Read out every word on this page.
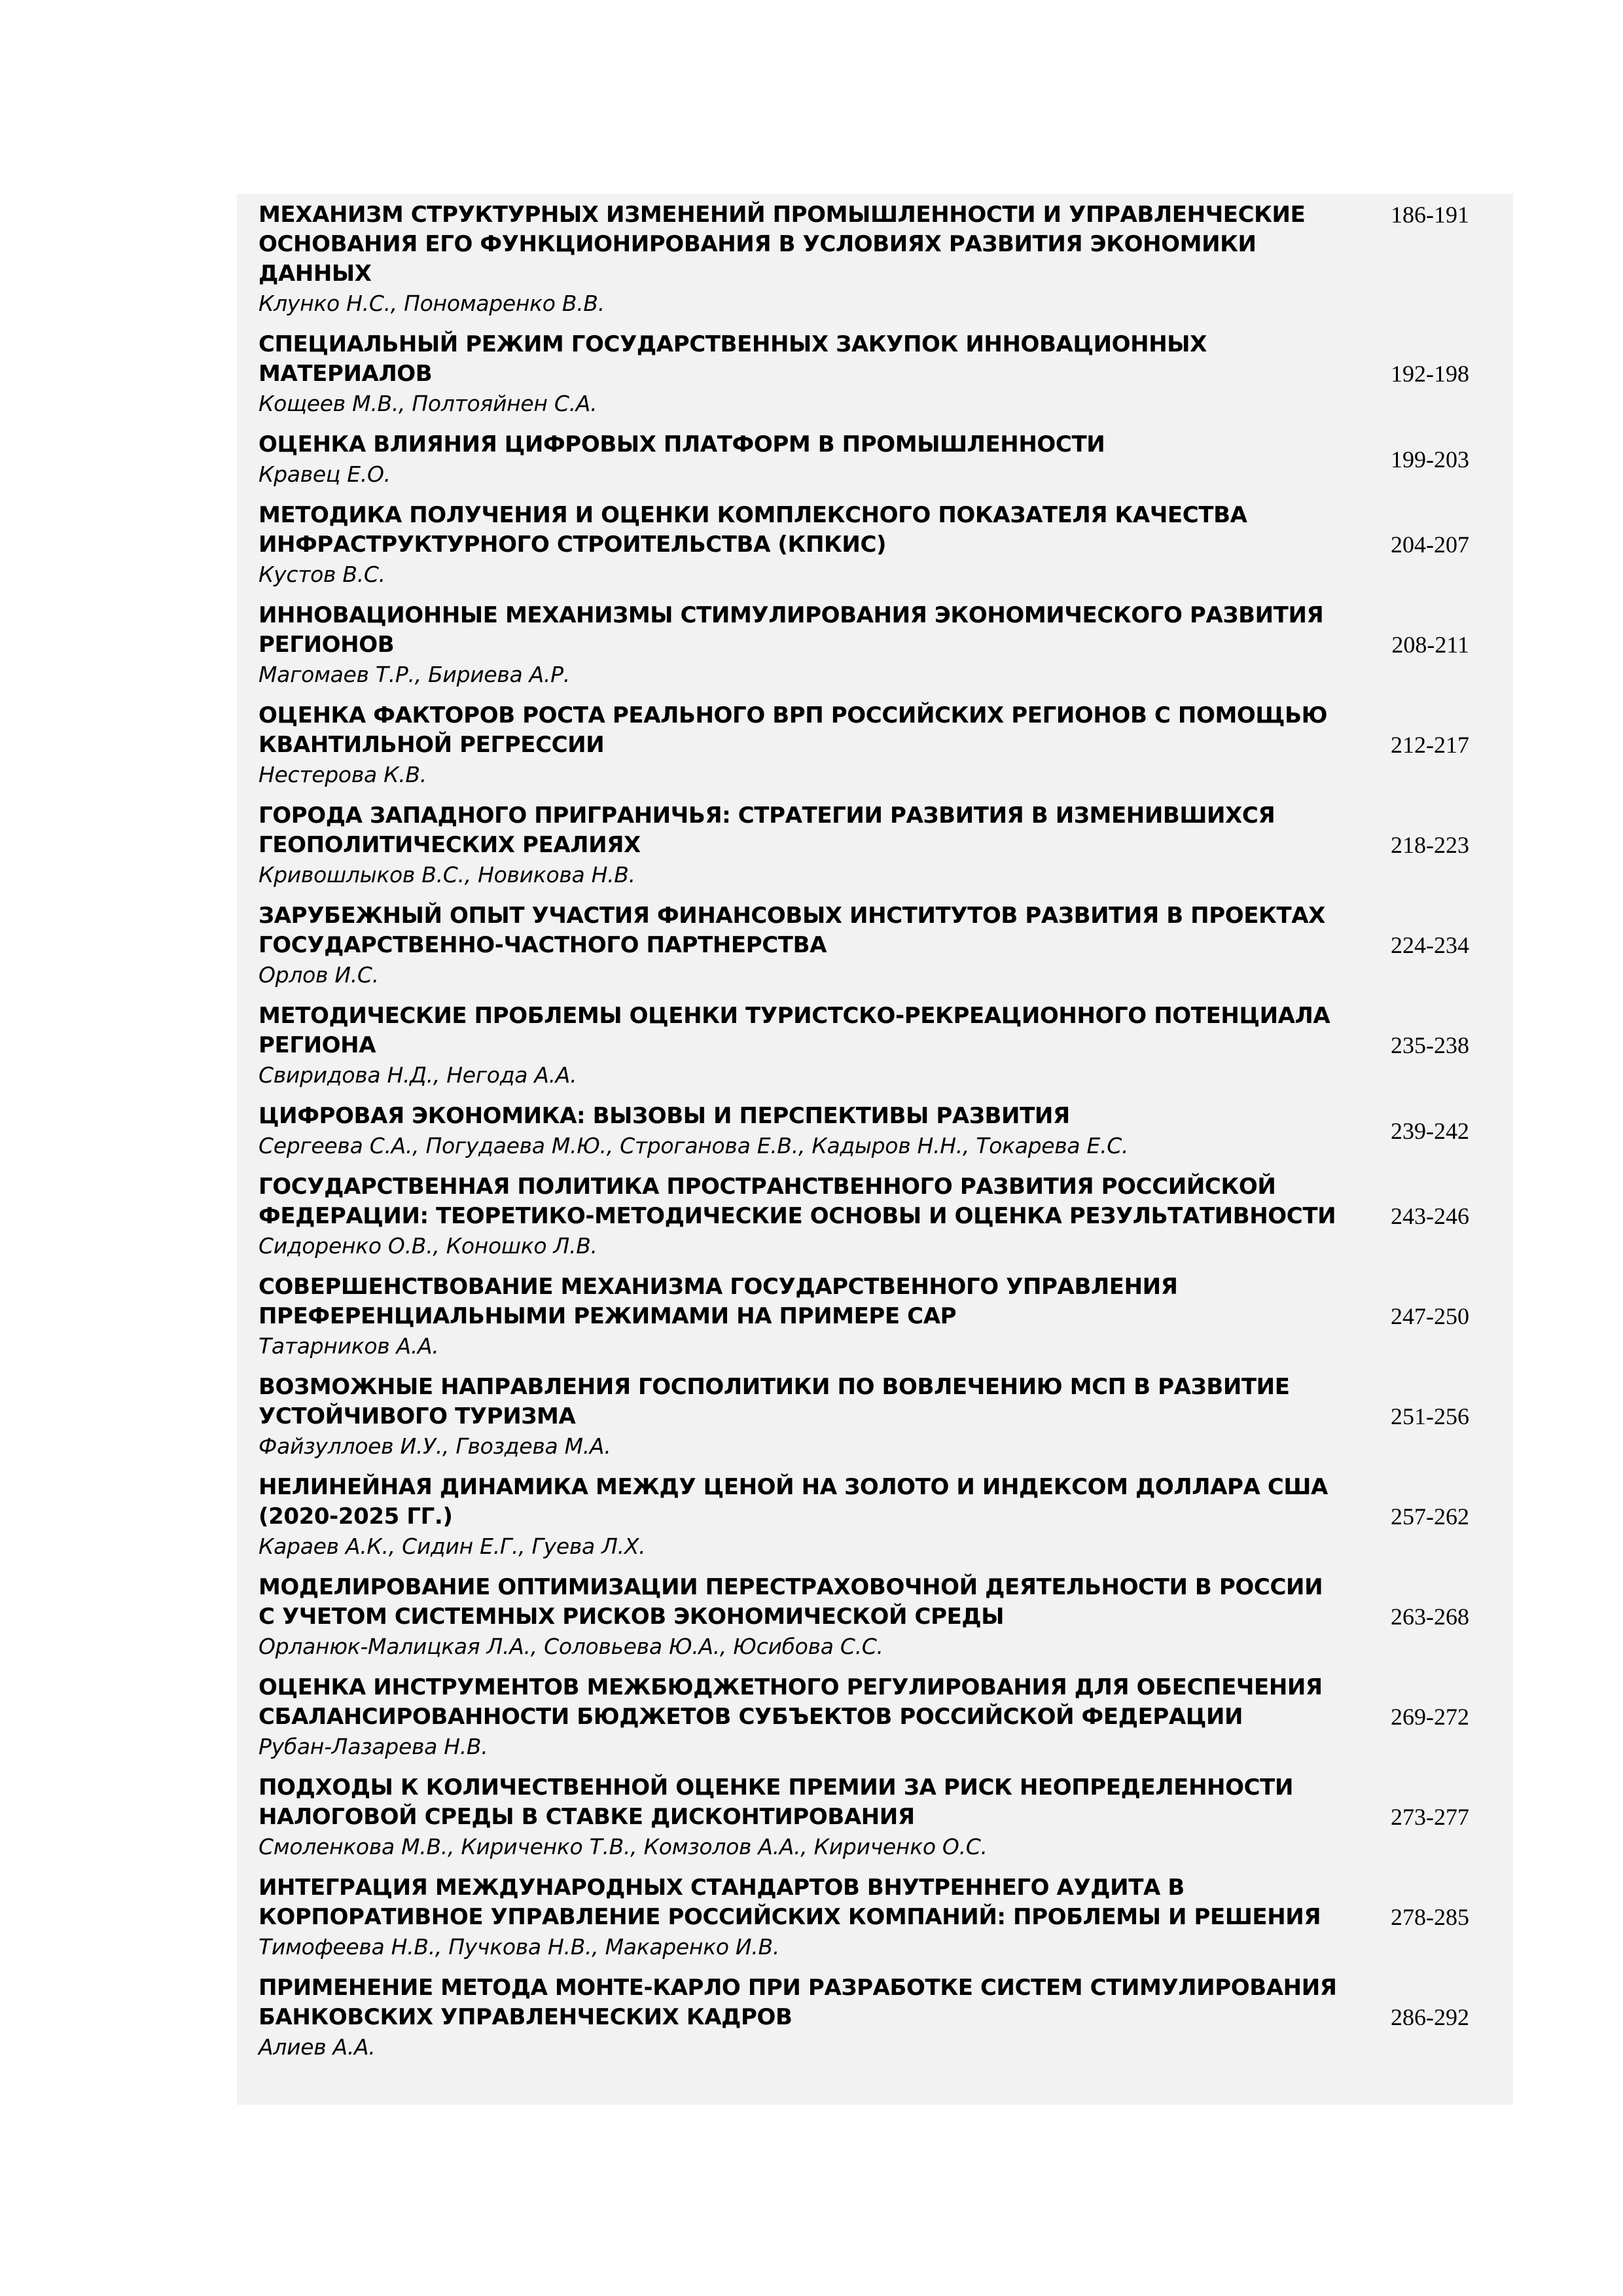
МЕХАНИЗМ СТРУКТУРНЫХ ИЗМЕНЕНИЙ ПРОМЫШЛЕННОСТИ И УПРАВЛЕНЧЕСКИЕ ОСНОВАНИЯ ЕГО ФУНКЦИОНИРОВАНИЯ В УСЛОВИЯХ РАЗВИТИЯ ЭКОНОМИКИ ДАННЫХ
Клунко Н.С., Пономаренко В.В.
186-191
СПЕЦИАЛЬНЫЙ РЕЖИМ ГОСУДАРСТВЕННЫХ ЗАКУПОК ИННОВАЦИОННЫХ МАТЕРИАЛОВ
Кощеев М.В., Полтояйнен С.А.
192-198
ОЦЕНКА ВЛИЯНИЯ ЦИФРОВЫХ ПЛАТФОРМ В ПРОМЫШЛЕННОСТИ
Кравец Е.О.
199-203
МЕТОДИКА ПОЛУЧЕНИЯ И ОЦЕНКИ КОМПЛЕКСНОГО ПОКАЗАТЕЛЯ КАЧЕСТВА ИНФРАСТРУКТУРНОГО СТРОИТЕЛЬСТВА (КПКИС)
Кустов В.С.
204-207
ИННОВАЦИОННЫЕ МЕХАНИЗМЫ СТИМУЛИРОВАНИЯ ЭКОНОМИЧЕСКОГО РАЗВИТИЯ РЕГИОНОВ
Магомаев Т.Р., Бириева А.Р.
208-211
ОЦЕНКА ФАКТОРОВ РОСТА РЕАЛЬНОГО ВРП РОССИЙСКИХ РЕГИОНОВ С ПОМОЩЬЮ КВАНТИЛЬНОЙ РЕГРЕССИИ
Нестерова К.В.
212-217
ГОРОДА ЗАПАДНОГО ПРИГРАНИЧЬЯ: СТРАТЕГИИ РАЗВИТИЯ В ИЗМЕНИВШИХСЯ ГЕОПОЛИТИЧЕСКИХ РЕАЛИЯХ
Кривошлыков В.С., Новикова Н.В.
218-223
ЗАРУБЕЖНЫЙ ОПЫТ УЧАСТИЯ ФИНАНСОВЫХ ИНСТИТУТОВ РАЗВИТИЯ В ПРОЕКТАХ ГОСУДАРСТВЕННО-ЧАСТНОГО ПАРТНЕРСТВА
Орлов И.С.
224-234
МЕТОДИЧЕСКИЕ ПРОБЛЕМЫ ОЦЕНКИ ТУРИСТСКО-РЕКРЕАЦИОННОГО ПОТЕНЦИАЛА РЕГИОНА
Свиридова Н.Д., Негода А.А.
235-238
ЦИФРОВАЯ ЭКОНОМИКА: ВЫЗОВЫ И ПЕРСПЕКТИВЫ РАЗВИТИЯ
Сергеева С.А., Погудаева М.Ю., Строганова Е.В., Кадыров Н.Н., Токарева Е.С.
239-242
ГОСУДАРСТВЕННАЯ ПОЛИТИКА ПРОСТРАНСТВЕННОГО РАЗВИТИЯ РОССИЙСКОЙ ФЕДЕРАЦИИ: ТЕОРЕТИКО-МЕТОДИЧЕСКИЕ ОСНОВЫ И ОЦЕНКА РЕЗУЛЬТАТИВНОСТИ
Сидоренко О.В., Коношко Л.В.
243-246
СОВЕРШЕНСТВОВАНИЕ МЕХАНИЗМА ГОСУДАРСТВЕННОГО УПРАВЛЕНИЯ ПРЕФЕРЕНЦИАЛЬНЫМИ РЕЖИМАМИ НА ПРИМЕРЕ САР
Татарников А.А.
247-250
ВОЗМОЖНЫЕ НАПРАВЛЕНИЯ ГОСПОЛИТИКИ ПО ВОВЛЕЧЕНИЮ МСП В РАЗВИТИЕ УСТОЙЧИВОГО ТУРИЗМА
Файзуллоев И.У., Гвоздева М.А.
251-256
НЕЛИНЕЙНАЯ ДИНАМИКА МЕЖДУ ЦЕНОЙ НА ЗОЛОТО И ИНДЕКСОМ ДОЛЛАРА США (2020-2025 ГГ.)
Караев А.К., Сидин Е.Г., Гуева Л.Х.
257-262
МОДЕЛИРОВАНИЕ ОПТИМИЗАЦИИ ПЕРЕСТРАХОВОЧНОЙ ДЕЯТЕЛЬНОСТИ В РОССИИ С УЧЕТОМ СИСТЕМНЫХ РИСКОВ ЭКОНОМИЧЕСКОЙ СРЕДЫ
Орланюк-Малицкая Л.А., Соловьева Ю.А., Юсибова С.С.
263-268
ОЦЕНКА ИНСТРУМЕНТОВ МЕЖБЮДЖЕТНОГО РЕГУЛИРОВАНИЯ ДЛЯ ОБЕСПЕЧЕНИЯ СБАЛАНСИРОВАННОСТИ БЮДЖЕТОВ СУБЪЕКТОВ РОССИЙСКОЙ ФЕДЕРАЦИИ
Рубан-Лазарева Н.В.
269-272
ПОДХОДЫ К КОЛИЧЕСТВЕННОЙ ОЦЕНКЕ ПРЕМИИ ЗА РИСК НЕОПРЕДЕЛЕННОСТИ НАЛОГОВОЙ СРЕДЫ В СТАВКЕ ДИСКОНТИРОВАНИЯ
Смоленкова М.В., Кириченко Т.В., Комзолов А.А., Кириченко О.С.
273-277
ИНТЕГРАЦИЯ МЕЖДУНАРОДНЫХ СТАНДАРТОВ ВНУТРЕННЕГО АУДИТА В КОРПОРАТИВНОЕ УПРАВЛЕНИЕ РОССИЙСКИХ КОМПАНИЙ: ПРОБЛЕМЫ И РЕШЕНИЯ
Тимофеева Н.В., Пучкова Н.В., Макаренко И.В.
278-285
ПРИМЕНЕНИЕ МЕТОДА МОНТЕ-КАРЛО ПРИ РАЗРАБОТКЕ СИСТЕМ СТИМУЛИРОВАНИЯ БАНКОВСКИХ УПРАВЛЕНЧЕСКИХ КАДРОВ
Алиев А.А.
286-292
